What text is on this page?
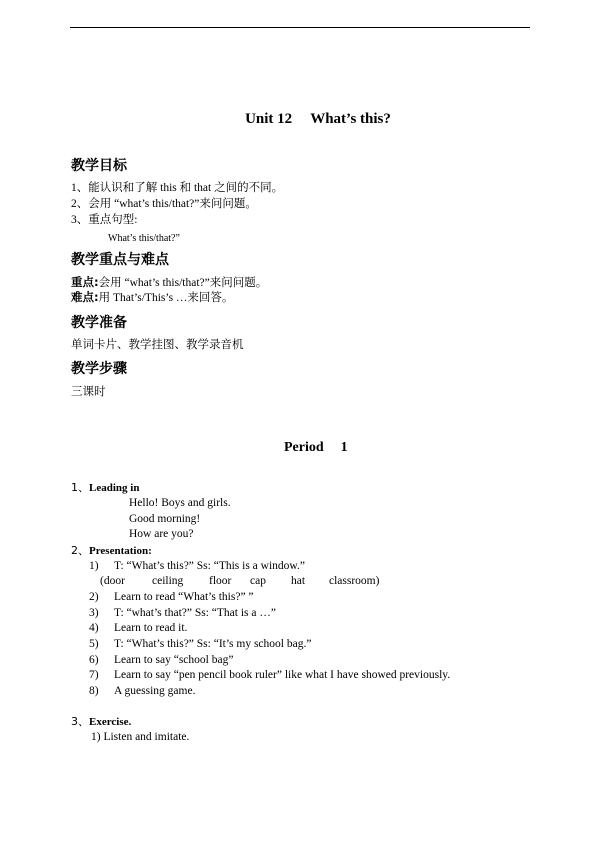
Unit 12 What’s this?
教学目标
1、能认识和了解 this 和 that 之间的不同。
2、会用 “what’s this/that?”来问问题。
3、重点句型:
What’s this/that?”
教学重点与难点
重点:会用 “what’s this/that?”来问问题。
难点:用 That’s/This’s …来回答。
教学准备
单词卡片、教学挂图、教学录音机
教学步骤
三课时
Period 1
1、Leading in
Hello! Boys and girls.
Good morning!
How are you?
2、Presentation:
1) T: “What’s this?” Ss: “This is a window.”
(door ceiling floor cap hat classroom)
2) Learn to read “What’s this?” ”
3) T: “what’s that?” Ss: “That is a …”
4) Learn to read it.
5) T: “What’s this?” Ss: “It’s my school bag.”
6) Learn to say “school bag”
7) Learn to say “pen pencil book ruler” like what I have showed previously.
8) A guessing game.
3、Exercise.
1) Listen and imitate.
